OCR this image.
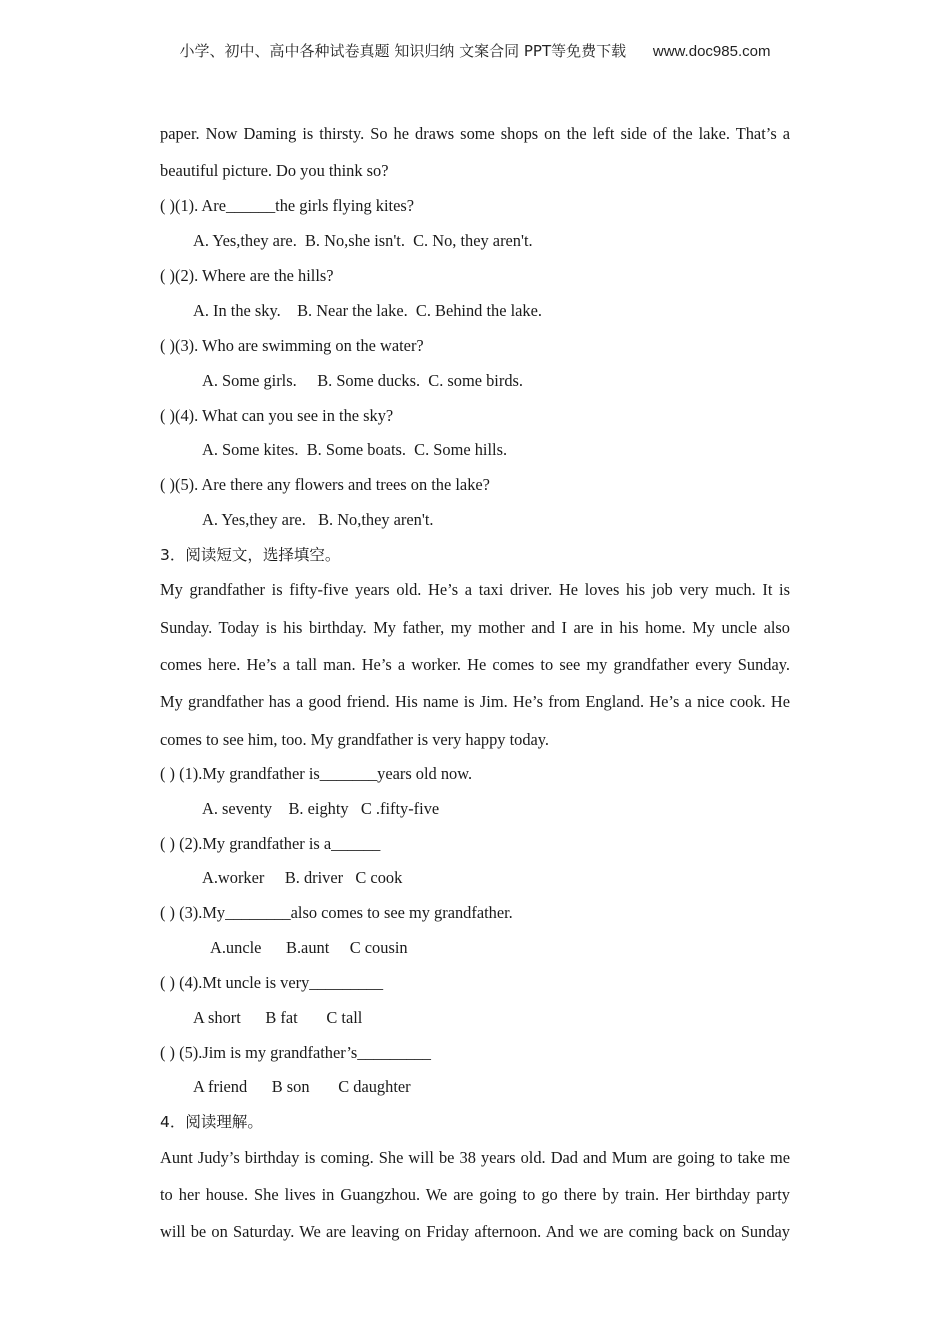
小学、初中、高中各种试卷真题 知识归纳 文案合同 PPT等免费下载 www.doc985.com
paper. Now Daming is thirsty. So he draws some shops on the left side of the lake. That’s a
beautiful picture. Do you think so?
( )(1). Are______the girls flying kites?
A. Yes,they are.  B. No,she isn't.  C. No, they aren't.
( )(2). Where are the hills?
A. In the sky.    B. Near the lake.  C. Behind the lake.
( )(3). Who are swimming on the water?
A. Some girls.     B. Some ducks.  C. some birds.
( )(4). What can you see in the sky?
A. Some kites.  B. Some boats.  C. Some hills.
( )(5). Are there any flowers and trees on the lake?
A. Yes,they are.   B. No,they aren't.
3．阅读短文，选择填空。
My grandfather is fifty-five years old. He’s a taxi driver. He loves his job very much. It is
Sunday. Today is his birthday. My father, my mother and I are in his home. My uncle also
comes here. He’s a tall man. He’s a worker. He comes to see my grandfather every Sunday.
My grandfather has a good friend. His name is Jim. He’s from England. He’s a nice cook. He
comes to see him, too. My grandfather is very happy today.
( ) (1).My grandfather is_______years old now.
A. seventy    B. eighty   C .fifty-five
( ) (2).My grandfather is a______
A.worker     B. driver   C cook
( ) (3).My________also comes to see my grandfather.
A.uncle      B.aunt     C cousin
( ) (4).Mt uncle is very_________
A short      B fat       C tall
( ) (5).Jim is my grandfather’s_________
A friend      B son       C daughter
4．阅读理解。
Aunt Judy’s birthday is coming. She will be 38 years old. Dad and Mum are going to take me
to her house. She lives in Guangzhou. We are going to go there by train. Her birthday party
will be on Saturday. We are leaving on Friday afternoon. And we are coming back on Sunday
